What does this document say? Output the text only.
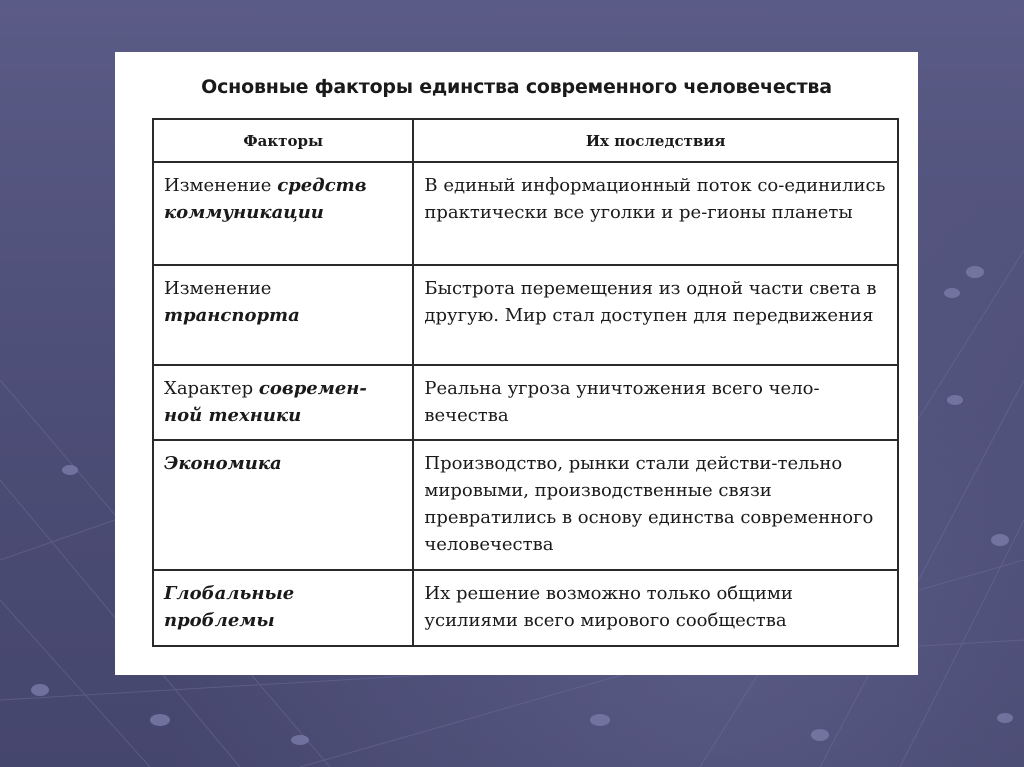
Основные факторы единства современного человечества
Факторы	Их последствия
Изменение средств коммуникации	В единый информационный поток со-единились практически все уголки и ре-гионы планеты
Изменение транспорта	Быстрота перемещения из одной части света в другую. Мир стал доступен для передвижения
Характер современ-ной техники	Реальна угроза уничтожения всего чело-вечества
Экономика	Производство, рынки стали действи-тельно мировыми, производственные связи превратились в основу единства современного человечества
Глобальные проблемы	Их решение возможно только общими усилиями всего мирового сообщества
